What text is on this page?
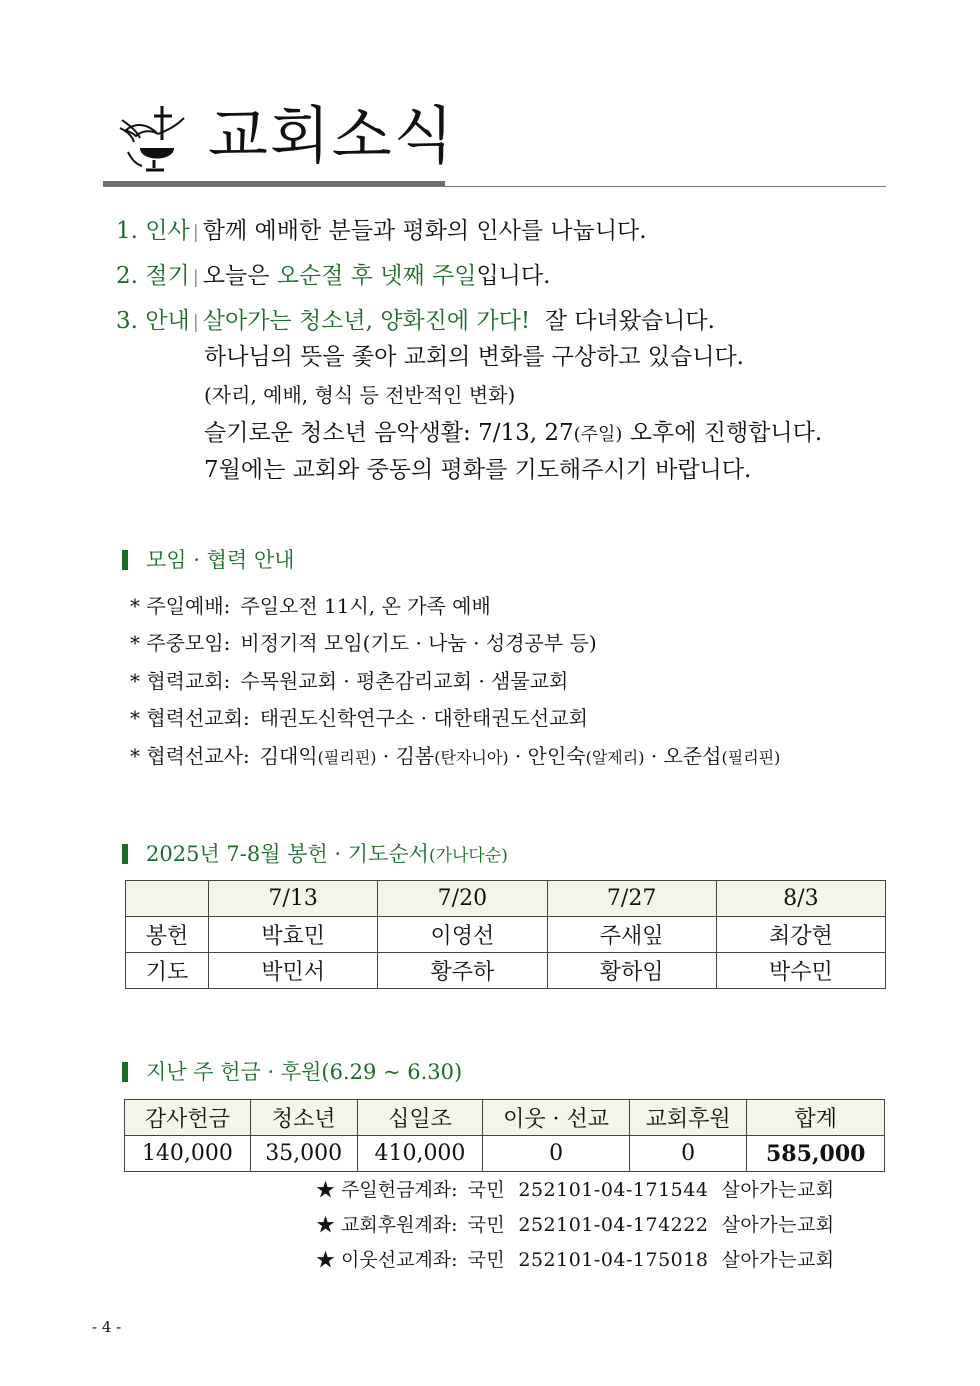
교회소식
1. 인사 | 함께 예배한 분들과 평화의 인사를 나눕니다.
2. 절기 | 오늘은 오순절 후 넷째 주일입니다.
3. 안내 | 살아가는 청소년, 양화진에 가다!  잘 다녀왔습니다.
하나님의 뜻을 좇아 교회의 변화를 구상하고 있습니다.
(자리, 예배, 형식 등 전반적인 변화)
슬기로운 청소년 음악생활: 7/13, 27(주일) 오후에 진행합니다.
7월에는 교회와 중동의 평화를 기도해주시기 바랍니다.
모임 · 협력 안내
* 주일예배: 주일오전 11시, 온 가족 예배
* 주중모임: 비정기적 모임(기도 · 나눔 · 성경공부 등)
* 협력교회: 수목원교회 · 평촌감리교회 · 샘물교회
* 협력선교회: 태권도신학연구소 · 대한태권도선교회
* 협력선교사: 김대익(필리핀) · 김봄(탄자니아) · 안인숙(알제리) · 오준섭(필리핀)
2025년 7-8월 봉헌 · 기도순서(가나다순)
	7/13	7/20	7/27	8/3
봉헌	박효민	이영선	주새잎	최강현
기도	박민서	황주하	황하임	박수민
지난 주 헌금 · 후원(6.29 ~ 6.30)
감사헌금	청소년	십일조	이웃 · 선교	교회후원	합계
140,000	35,000	410,000	0	0	585,000
★ 주일헌금계좌: 국민  252101-04-171544  살아가는교회
★ 교회후원계좌: 국민  252101-04-174222  살아가는교회
★ 이웃선교계좌: 국민  252101-04-175018  살아가는교회
- 4 -
